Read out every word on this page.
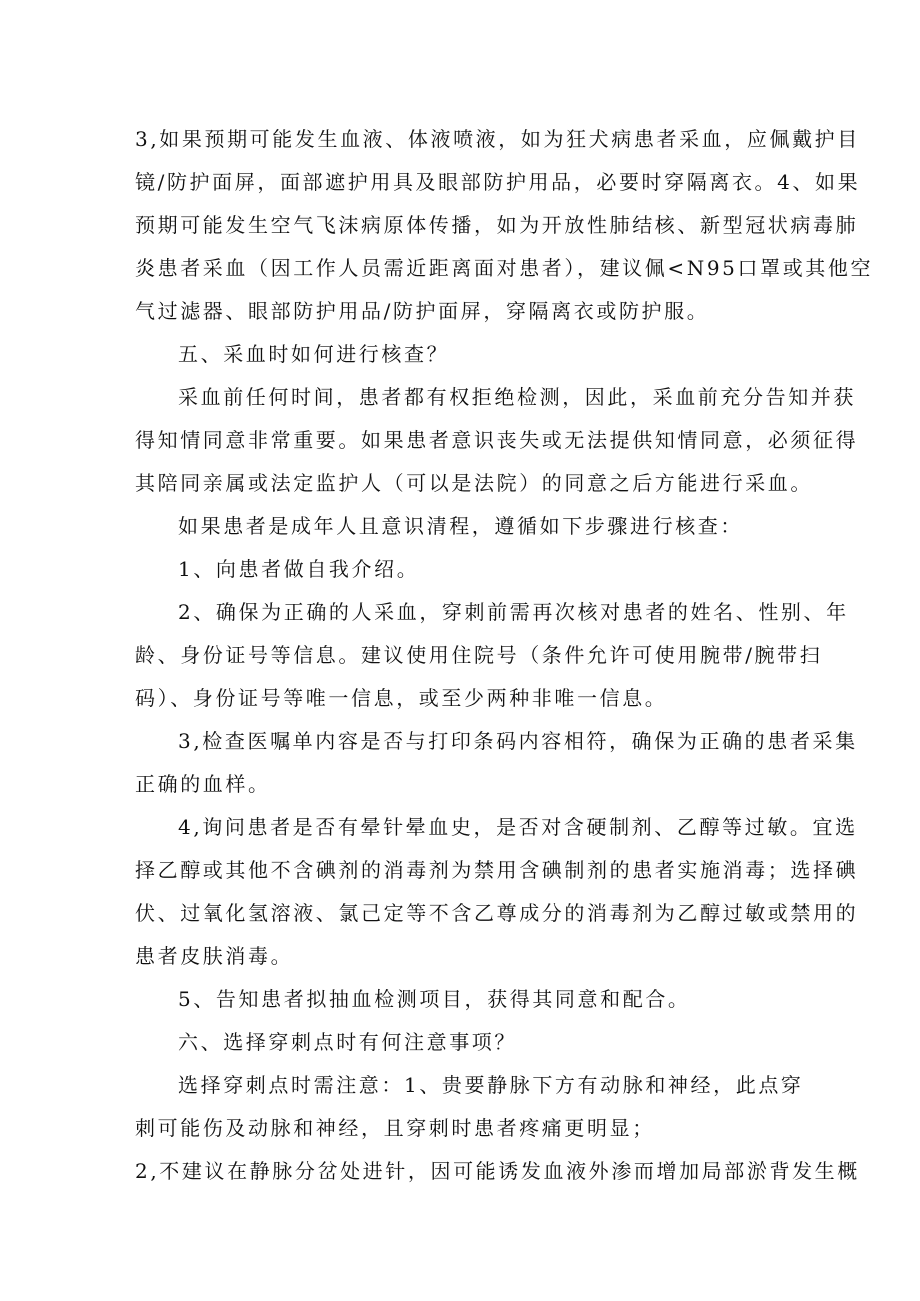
3,如果预期可能发生血液、体液喷液，如为狂犬病患者采血，应佩戴护目
镜/防护面屏，面部遮护用具及眼部防护用品，必要时穿隔离衣。4、如果
预期可能发生空气飞沫病原体传播，如为开放性肺结核、新型冠状病毒肺
炎患者采血（因工作人员需近距离面对患者），建议佩<N95口罩或其他空
气过滤器、眼部防护用品/防护面屏，穿隔离衣或防护服。
五、采血时如何进行核查？
采血前任何时间，患者都有权拒绝检测，因此，采血前充分告知并获
得知情同意非常重要。如果患者意识丧失或无法提供知情同意，必须征得
其陪同亲属或法定监护人（可以是法院）的同意之后方能进行采血。
如果患者是成年人且意识清程，遵循如下步骤进行核查：
1、向患者做自我介绍。
2、确保为正确的人采血，穿刺前需再次核对患者的姓名、性别、年
龄、身份证号等信息。建议使用住院号（条件允许可使用腕带/腕带扫
码）、身份证号等唯一信息，或至少两种非唯一信息。
3,检查医嘱单内容是否与打印条码内容相符，确保为正确的患者采集
正确的血样。
4,询问患者是否有晕针晕血史，是否对含硬制剂、乙醇等过敏。宜选
择乙醇或其他不含碘剂的消毒剂为禁用含碘制剂的患者实施消毒；选择碘
伏、过氧化氢溶液、氯己定等不含乙尊成分的消毒剂为乙醇过敏或禁用的
患者皮肤消毒。
5、告知患者拟抽血检测项目，获得其同意和配合。
六、选择穿刺点时有何注意事项？
选择穿刺点时需注意：1、贵要静脉下方有动脉和神经，此点穿
刺可能伤及动脉和神经，且穿刺时患者疼痛更明显；
2,不建议在静脉分岔处进针，因可能诱发血液外渗而增加局部淤背发生概
